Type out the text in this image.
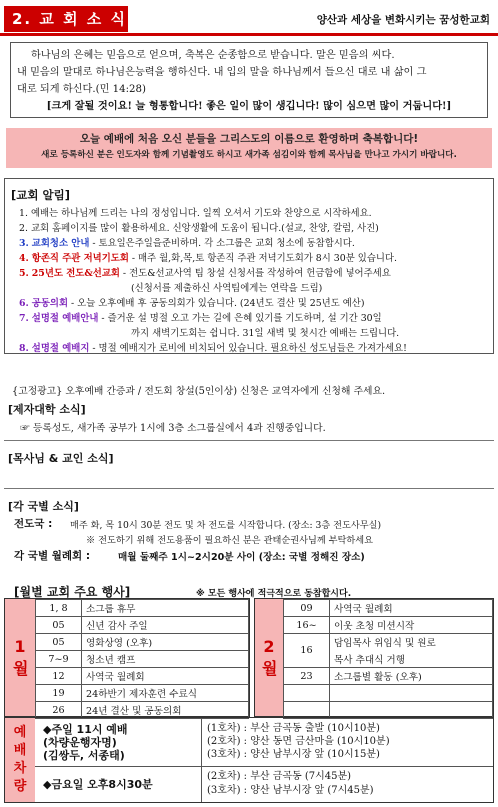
2. 교 회 소 식	양산과 세상을 변화시키는 꿈성한교회

하나님의 은혜는 믿음으로 얻으며, 축복은 순종함으로 받습니다. 말은 믿음의 씨다.

내 믿음의 말대로 하나님은능력을 행하신다. 내 입의 말을 하나님께서 들으신 대로 내 삶이 그

대로 되게 하신다.(민 14:28)

[크게 잘될 것이요! 늘 형통합니다! 좋은 일이 많이 생깁니다! 많이 심으면 많이 거둡니다!]

오늘 예배에 처음 오신 분들을 그리스도의 이름으로 환영하며 축복합니다!

새로 등록하신 분은 인도자와 함께 기념촬영도 하시고 새가족 섬김이와 함께 목사님을 만나고 가시기 바랍니다.

[교회 알림]
1. 예배는 하나님께 드리는 나의 정성입니다. 일찍 오셔서 기도와 찬양으로 시작하세요.
2. 교회 홈페이지를 많이 활용하세요. 신앙생활에 도움이 됩니다.(설교, 찬양, 칼럼, 사진)
3. 교회청소 안내 - 토요일은주일을준비하며. 각 소그룹은 교회 청소에 동참합시다.
4. 항존직 주관 저녁기도회 - 매주 월,화,목,토 항존직 주관 저녁기도회가 8시 30분 있습니다.
5. 25년도 전도&선교회 - 전도&선교사역 팀 창설 신청서를 작성하여 헌금함에 넣어주세요
(신청서를 제출하신 사역팀에게는 연락을 드림)
6. 공동의회 - 오늘 오후예배 후 공동의회가 있습니다. (24년도 결산 및 25년도 예산)
7. 설명절 예배안내 - 즐거운 설 명절 오고 가는 길에 은혜 있기를 기도하며, 설 기간 30일
까지 새벽기도회는 쉽니다. 31일 새벽 및 첫시간 예배는 드립니다.
8. 설명절 예배지 - 명절 예배지가 로비에 비치되어 있습니다. 필요하신 성도님들은 가져가세요!
{고정광고} 오후예배 간증과 / 전도회 창설(5인이상) 신청은 교역자에게 신청해 주세요.
[제자대학 소식]
☞ 등록성도, 새가족 공부가 1시에 3층 소그룹실에서 4과 진행중입니다.
[목사님 & 교인 소식]
[각 국별 소식]
전도국 : 매주 화, 목 10시 30분 전도 및 차 전도를 시작합니다. (장소: 3층 전도사무실)
※ 전도하기 위해 전도용품이 필요하신 분은 관태순권사님께 부탁하세요
각 국별 월례회 :	매월 둘째주 1시~2시20분 사이 (장소: 국별 정해진 장소)
[월별 교회 주요 행사]	※ 모든 행사에 적극적으로 동참합시다.
1월
1, 8	소그룹 휴무
05	신년 감사 주일
05	영화상영 (오후)
7~9	청소년 캠프
12	사역국 월례회
19	24하반기 제자훈련 수료식
26	24년 결산 및 공동의회
2월
09	사역국 월례회
16~	이웃 초청 미션시작
16	담임목사 위임식 및 원로
	목사 추대식 거행
23	소그룹별 활동 (오후)

예
배
차
량
◆주일 11시 예배
(차량운행자명)
(김쌍두, 서종태)
(1호차) : 부산 금곡동 출발 (10시10분)
(2호차) : 양산 동면 금산마을 (10시10분)
(3호차) : 양산 남부시장 앞 (10시15분)
◆금요일 오후8시30분
(2호차) : 부산 금곡동 (7시45분)
(3호차) : 양산 남부시장 앞 (7시45분)
